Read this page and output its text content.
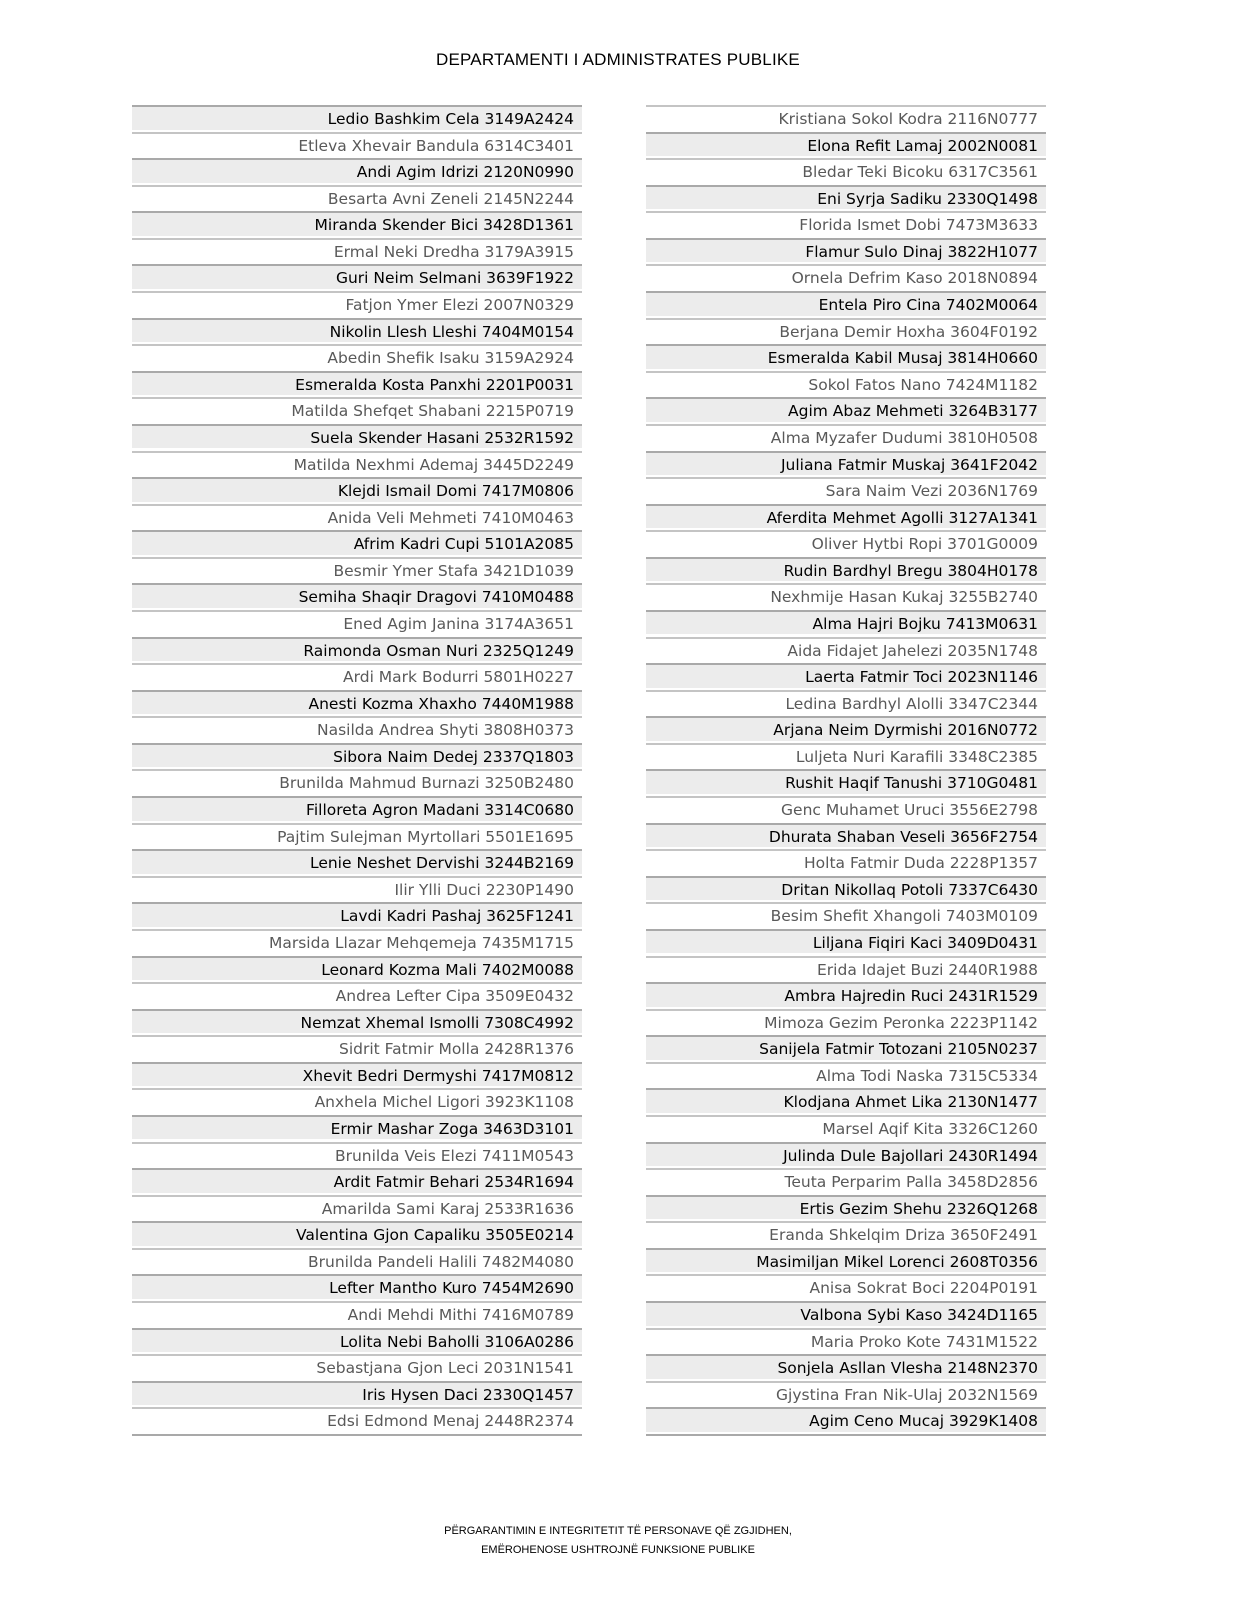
DEPARTAMENTI I ADMINISTRATES PUBLIKE
Ledio Bashkim Cela 3149A2424
Etleva Xhevair Bandula 6314C3401
Andi Agim Idrizi 2120N0990
Besarta Avni Zeneli 2145N2244
Miranda Skender Bici 3428D1361
Ermal Neki Dredha 3179A3915
Guri Neim Selmani 3639F1922
Fatjon Ymer Elezi 2007N0329
Nikolin Llesh Lleshi 7404M0154
Abedin Shefik Isaku 3159A2924
Esmeralda Kosta Panxhi 2201P0031
Matilda Shefqet Shabani 2215P0719
Suela Skender Hasani 2532R1592
Matilda Nexhmi Ademaj 3445D2249
Klejdi Ismail Domi 7417M0806
Anida Veli Mehmeti 7410M0463
Afrim Kadri Cupi 5101A2085
Besmir Ymer Stafa 3421D1039
Semiha Shaqir Dragovi 7410M0488
Ened Agim Janina 3174A3651
Raimonda Osman Nuri 2325Q1249
Ardi Mark Bodurri 5801H0227
Anesti Kozma Xhaxho 7440M1988
Nasilda Andrea Shyti 3808H0373
Sibora Naim Dedej 2337Q1803
Brunilda Mahmud Burnazi 3250B2480
Filloreta Agron Madani 3314C0680
Pajtim Sulejman Myrtollari 5501E1695
Lenie Neshet Dervishi 3244B2169
Ilir Ylli Duci 2230P1490
Lavdi Kadri Pashaj 3625F1241
Marsida Llazar Mehqemeja 7435M1715
Leonard Kozma Mali 7402M0088
Andrea Lefter Cipa 3509E0432
Nemzat Xhemal Ismolli 7308C4992
Sidrit Fatmir Molla 2428R1376
Xhevit Bedri Dermyshi 7417M0812
Anxhela Michel Ligori 3923K1108
Ermir Mashar Zoga 3463D3101
Brunilda Veis Elezi 7411M0543
Ardit Fatmir Behari 2534R1694
Amarilda Sami Karaj 2533R1636
Valentina Gjon Capaliku 3505E0214
Brunilda Pandeli Halili 7482M4080
Lefter Mantho Kuro 7454M2690
Andi Mehdi Mithi 7416M0789
Lolita Nebi Baholli 3106A0286
Sebastjana Gjon Leci 2031N1541
Iris Hysen Daci 2330Q1457
Edsi Edmond Menaj 2448R2374
Kristiana Sokol Kodra 2116N0777
Elona Refit Lamaj 2002N0081
Bledar Teki Bicoku 6317C3561
Eni Syrja Sadiku 2330Q1498
Florida Ismet Dobi 7473M3633
Flamur Sulo Dinaj 3822H1077
Ornela Defrim Kaso 2018N0894
Entela Piro Cina 7402M0064
Berjana Demir Hoxha 3604F0192
Esmeralda Kabil Musaj 3814H0660
Sokol Fatos Nano 7424M1182
Agim Abaz Mehmeti 3264B3177
Alma Myzafer Dudumi 3810H0508
Juliana Fatmir Muskaj 3641F2042
Sara Naim Vezi 2036N1769
Aferdita Mehmet Agolli 3127A1341
Oliver Hytbi Ropi 3701G0009
Rudin Bardhyl Bregu 3804H0178
Nexhmije Hasan Kukaj 3255B2740
Alma Hajri Bojku 7413M0631
Aida Fidajet Jahelezi 2035N1748
Laerta Fatmir Toci 2023N1146
Ledina Bardhyl Alolli 3347C2344
Arjana Neim Dyrmishi 2016N0772
Luljeta Nuri Karafili 3348C2385
Rushit Haqif Tanushi 3710G0481
Genc Muhamet Uruci 3556E2798
Dhurata Shaban Veseli 3656F2754
Holta Fatmir Duda 2228P1357
Dritan Nikollaq Potoli 7337C6430
Besim Shefit Xhangoli 7403M0109
Liljana Fiqiri Kaci 3409D0431
Erida Idajet Buzi 2440R1988
Ambra Hajredin Ruci 2431R1529
Mimoza Gezim Peronka 2223P1142
Sanijela Fatmir Totozani 2105N0237
Alma Todi Naska 7315C5334
Klodjana Ahmet Lika 2130N1477
Marsel Aqif Kita 3326C1260
Julinda Dule Bajollari 2430R1494
Teuta Perparim Palla 3458D2856
Ertis Gezim Shehu 2326Q1268
Eranda Shkelqim Driza 3650F2491
Masimiljan Mikel Lorenci 2608T0356
Anisa Sokrat Boci 2204P0191
Valbona Sybi Kaso 3424D1165
Maria Proko Kote 7431M1522
Sonjela Asllan Vlesha 2148N2370
Gjystina Fran Nik-Ulaj 2032N1569
Agim Ceno Mucaj 3929K1408
PËRGARANTIMIN E INTEGRITETIT TË PERSONAVE QË ZGJIDHEN,
EMËROHENOSE USHTROJNË FUNKSIONE PUBLIKE
